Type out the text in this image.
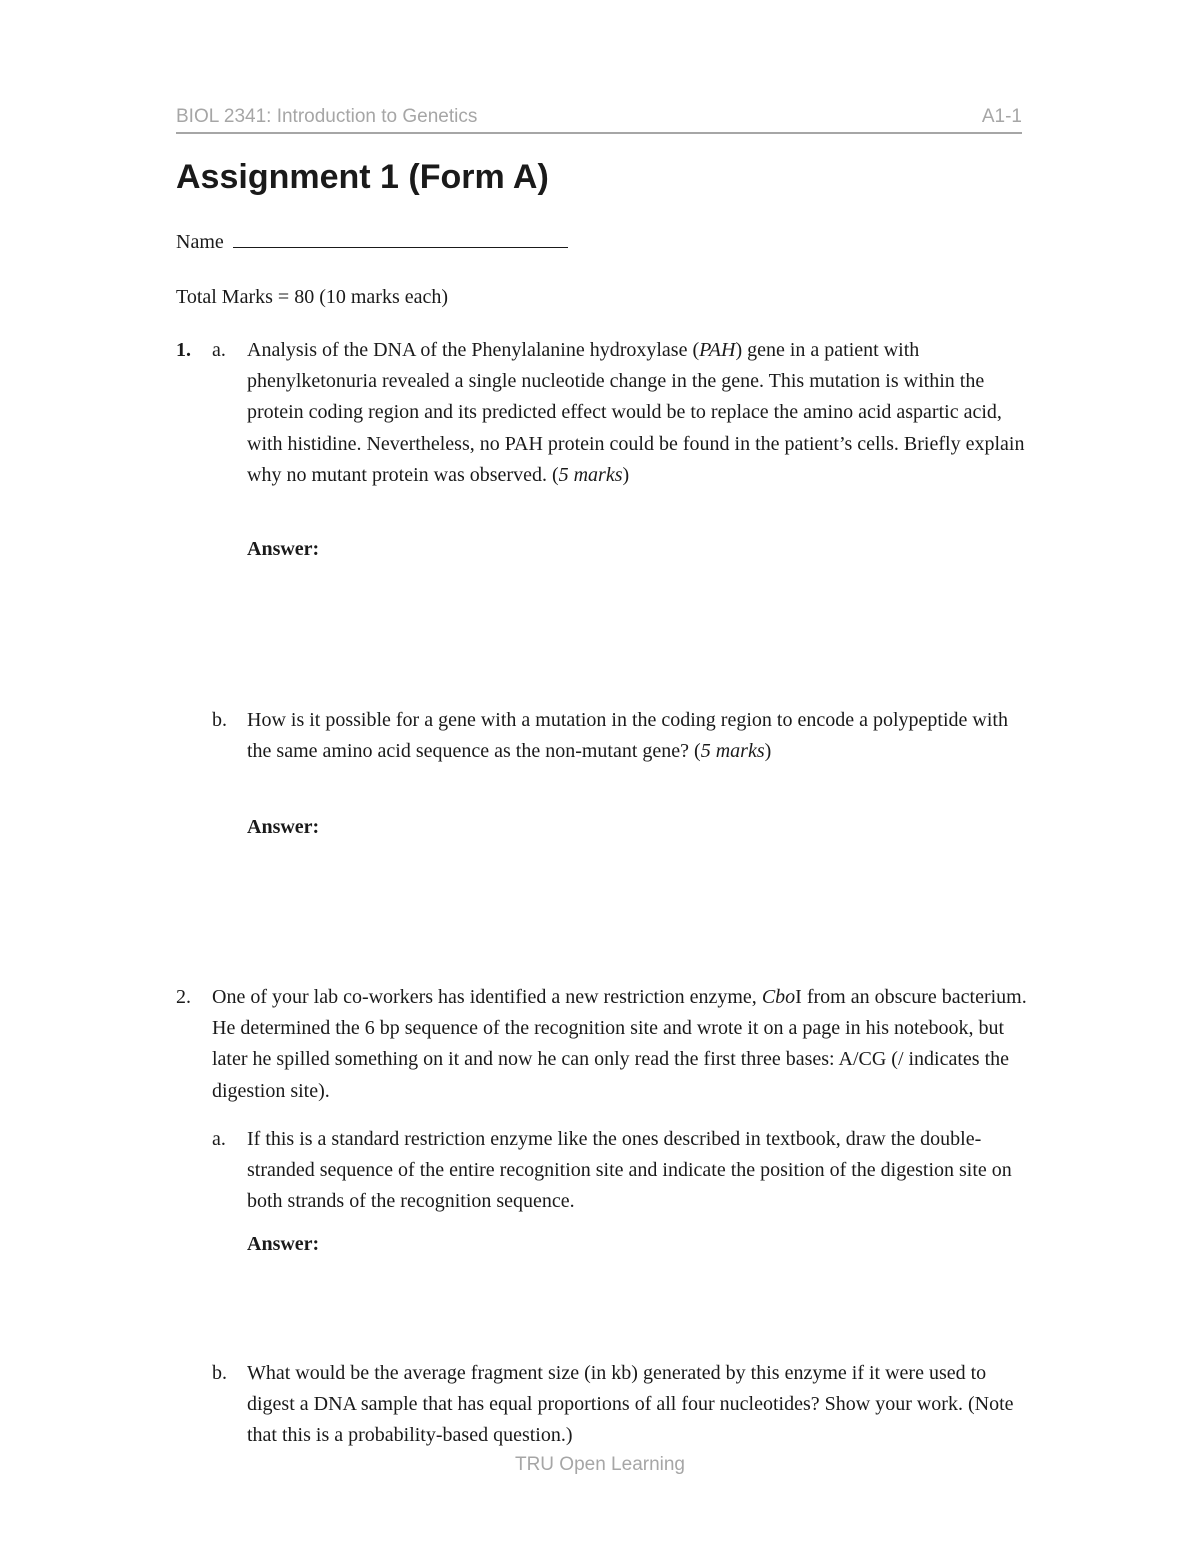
BIOL 2341: Introduction to Genetics	A1-1
Assignment 1 (Form A)
Name
Total Marks = 80 (10 marks each)
1. a. Analysis of the DNA of the Phenylalanine hydroxylase (PAH) gene in a patient with phenylketonuria revealed a single nucleotide change in the gene. This mutation is within the protein coding region and its predicted effect would be to replace the amino acid aspartic acid, with histidine. Nevertheless, no PAH protein could be found in the patient’s cells. Briefly explain why no mutant protein was observed. (5 marks)

Answer:
b. How is it possible for a gene with a mutation in the coding region to encode a polypeptide with the same amino acid sequence as the non-mutant gene? (5 marks)

Answer:
2. One of your lab co-workers has identified a new restriction enzyme, CboI from an obscure bacterium. He determined the 6 bp sequence of the recognition site and wrote it on a page in his notebook, but later he spilled something on it and now he can only read the first three bases: A/CG (/ indicates the digestion site).

a. If this is a standard restriction enzyme like the ones described in textbook, draw the double-stranded sequence of the entire recognition site and indicate the position of the digestion site on both strands of the recognition sequence.

Answer:
b. What would be the average fragment size (in kb) generated by this enzyme if it were used to digest a DNA sample that has equal proportions of all four nucleotides? Show your work. (Note that this is a probability-based question.)

TRU Open Learning
